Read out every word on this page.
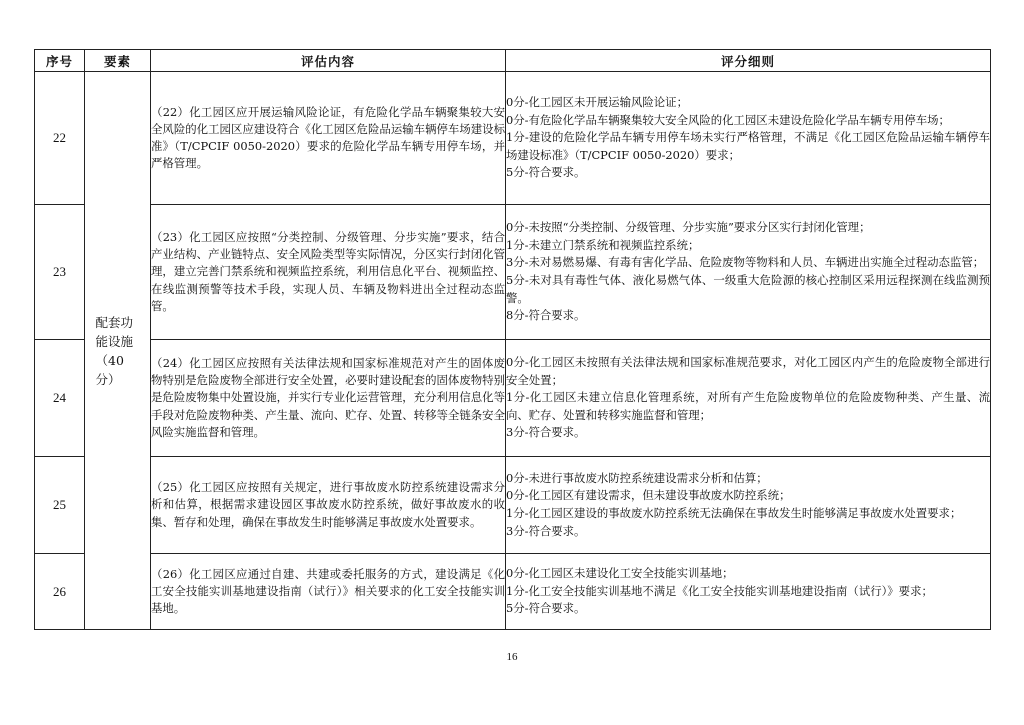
序号	要素	评估内容	评分细则
22	配套功能设施（40分）	（22）化工园区应开展运输风险论证，有危险化学品车辆聚集较大安全风险的化工园区应建设符合《化工园区危险品运输车辆停车场建设标准》（T/CPCIF 0050-2020）要求的危险化学品车辆专用停车场，并严格管理。	0分-化工园区未开展运输风险论证；
0分-有危险化学品车辆聚集较大安全风险的化工园区未建设危险化学品车辆专用停车场；
1分-建设的危险化学品车辆专用停车场未实行严格管理，不满足《化工园区危险品运输车辆停车场建设标准》（T/CPCIF 0050-2020）要求；
5分-符合要求。

23		（23）化工园区应按照“分类控制、分级管理、分步实施”要求，结合产业结构、产业链特点、安全风险类型等实际情况，分区实行封闭化管理，建立完善门禁系统和视频监控系统，利用信息化平台、视频监控、在线监测预警等技术手段，实现人员、车辆及物料进出全过程动态监管。	0分-未按照“分类控制、分级管理、分步实施”要求分区实行封闭化管理；
1分-未建立门禁系统和视频监控系统；
3分-未对易燃易爆、有毒有害化学品、危险废物等物料和人员、车辆进出实施全过程动态监管；
5分-未对具有毒性气体、液化易燃气体、一级重大危险源的核心控制区采用远程探测在线监测预警。
8分-符合要求。

24		（24）化工园区应按照有关法律法规和国家标准规范对产生的固体废物特别是危险废物全部进行安全处置，必要时建设配套的固体废物特别是危险废物集中处置设施，并实行专业化运营管理，充分利用信息化等手段对危险废物种类、产生量、流向、贮存、处置、转移等全链条安全风险实施监督和管理。	0分-化工园区未按照有关法律法规和国家标准规范要求，对化工园区内产生的危险废物全部进行安全处置；
1分-化工园区未建立信息化管理系统，对所有产生危险废物单位的危险废物种类、产生量、流向、贮存、处置和转移实施监督和管理；
3分-符合要求。

25		（25）化工园区应按照有关规定，进行事故废水防控系统建设需求分析和估算，根据需求建设园区事故废水防控系统，做好事故废水的收集、暂存和处理，确保在事故发生时能够满足事故废水处置要求。	0分-未进行事故废水防控系统建设需求分析和估算；
0分-化工园区有建设需求，但未建设事故废水防控系统；
1分-化工园区建设的事故废水防控系统无法确保在事故发生时能够满足事故废水处置要求；
3分-符合要求。

26		（26）化工园区应通过自建、共建或委托服务的方式，建设满足《化工安全技能实训基地建设指南（试行）》相关要求的化工安全技能实训基地。	0分-化工园区未建设化工安全技能实训基地；
1分-化工安全技能实训基地不满足《化工安全技能实训基地建设指南（试行）》要求；
5分-符合要求。
16
